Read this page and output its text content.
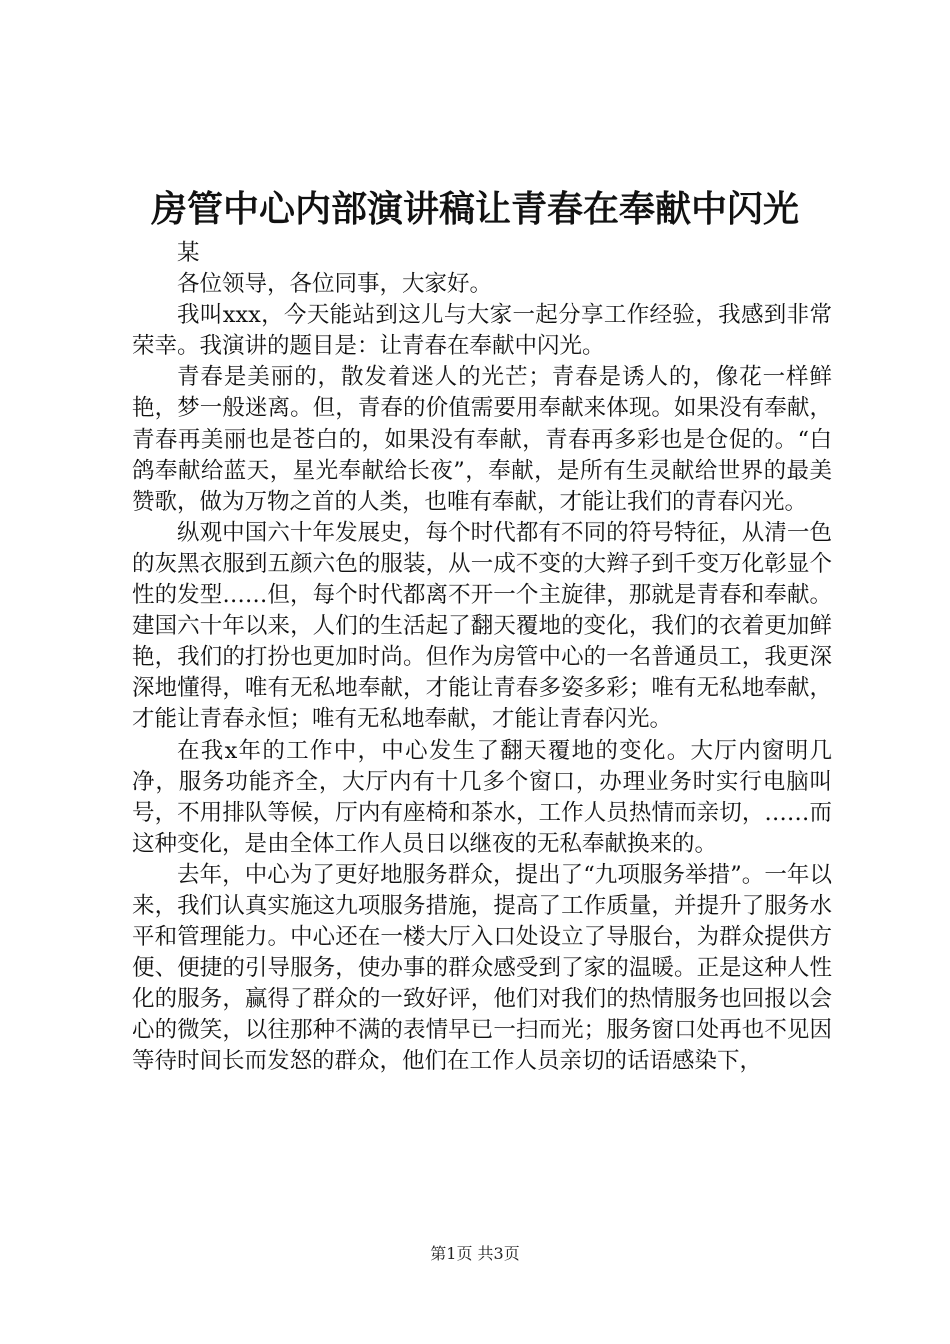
房管中心内部演讲稿让青春在奉献中闪光

某

各位领导，各位同事，大家好。

我叫xxx，今天能站到这儿与大家一起分享工作经验，我感到非常荣幸。我演讲的题目是：让青春在奉献中闪光。

青春是美丽的，散发着迷人的光芒；青春是诱人的，像花一样鲜艳，梦一般迷离。但，青春的价值需要用奉献来体现。如果没有奉献，青春再美丽也是苍白的，如果没有奉献，青春再多彩也是仓促的。“白鸽奉献给蓝天，星光奉献给长夜”，奉献，是所有生灵献给世界的最美赞歌，做为万物之首的人类，也唯有奉献，才能让我们的青春闪光。

纵观中国六十年发展史，每个时代都有不同的符号特征，从清一色的灰黑衣服到五颜六色的服装，从一成不变的大辫子到千变万化彰显个性的发型……但，每个时代都离不开一个主旋律，那就是青春和奉献。建国六十年以来，人们的生活起了翻天覆地的变化，我们的衣着更加鲜艳，我们的打扮也更加时尚。但作为房管中心的一名普通员工，我更深深地懂得，唯有无私地奉献，才能让青春多姿多彩；唯有无私地奉献，才能让青春永恒；唯有无私地奉献，才能让青春闪光。

在我x年的工作中，中心发生了翻天覆地的变化。大厅内窗明几净，服务功能齐全，大厅内有十几多个窗口，办理业务时实行电脑叫号，不用排队等候，厅内有座椅和茶水，工作人员热情而亲切，……而这种变化，是由全体工作人员日以继夜的无私奉献换来的。

去年，中心为了更好地服务群众，提出了“九项服务举措”。一年以来，我们认真实施这九项服务措施，提高了工作质量，并提升了服务水平和管理能力。中心还在一楼大厅入口处设立了导服台，为群众提供方便、便捷的引导服务，使办事的群众感受到了家的温暖。正是这种人性化的服务，赢得了群众的一致好评，他们对我们的热情服务也回报以会心的微笑，以往那种不满的表情早已一扫而光；服务窗口处再也不见因等待时间长而发怒的群众，他们在工作人员亲切的话语感染下，

第1页 共3页
